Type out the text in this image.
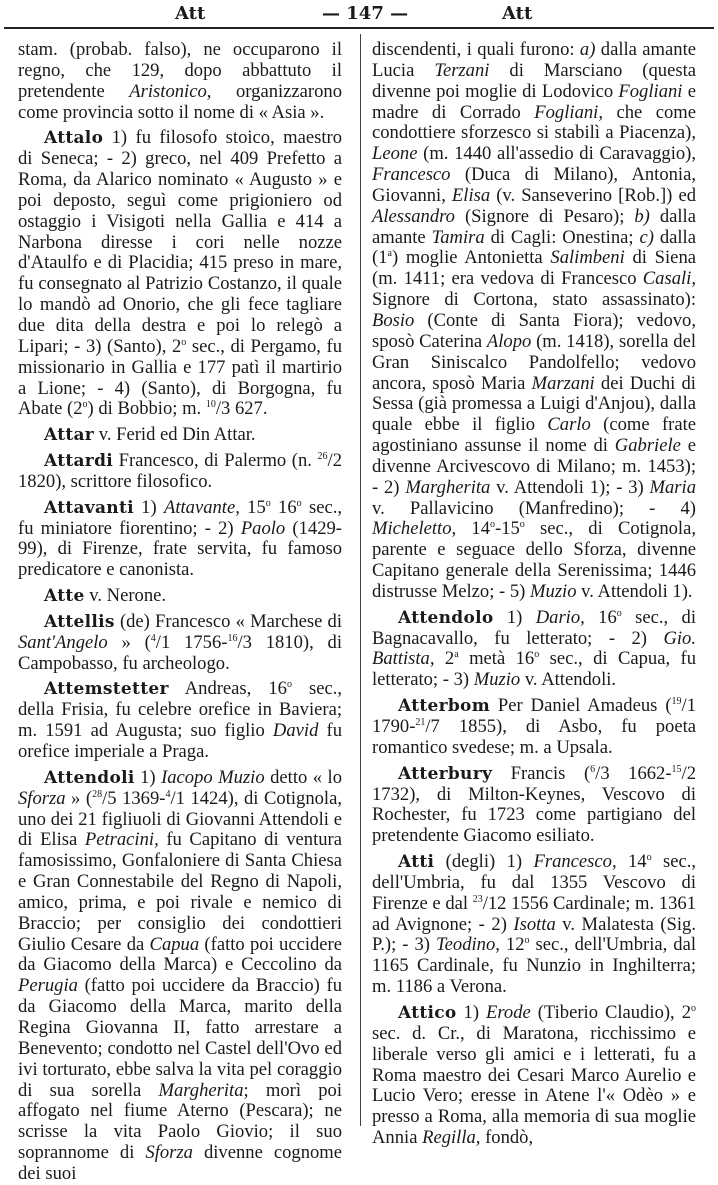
Att	— 147 —	Att

stam. (probab. falso), ne occuparono il regno, che 129, dopo abbattuto il pretendente Aristonico, organizzarono come provincia sotto il nome di « Asia ».

Attalo 1) fu filosofo stoico, maestro di Seneca; - 2) greco, nel 409 Prefetto a Roma, da Alarico nominato « Augusto » e poi deposto, seguì come prigioniero od ostaggio i Visigoti nella Gallia e 414 a Narbona diresse i cori nelle nozze d'Ataulfo e di Placidia; 415 preso in mare, fu consegnato al Patrizio Costanzo, il quale lo mandò ad Onorio, che gli fece tagliare due dita della destra e poi lo relegò a Lipari; - 3) (Santo), 2$^o$ sec., di Pergamo, fu missionario in Gallia e 177 patì il martirio a Lione; - 4) (Santo), di Borgogna, fu Abate (2$^o$) di Bobbio; m. $^{10}$/3 627.

Attar v. Ferid ed Din Attar.

Attardi Francesco, di Palermo (n. $^{26}$/2 1820), scrittore filosofico.

Attavanti 1) Attavante, 15$^o$ 16$^o$ sec., fu miniatore fiorentino; - 2) Paolo (1429-99), di Firenze, frate servita, fu famoso predicatore e canonista.

Atte v. Nerone.

Attellis (de) Francesco « Marchese di Sant'Angelo » ($^4$/1 1756-$^{16}$/3 1810), di Campobasso, fu archeologo.

Attemstetter Andreas, 16$^o$ sec., della Frisia, fu celebre orefice in Baviera; m. 1591 ad Augusta; suo figlio David fu orefice imperiale a Praga.

Attendoli 1) Iacopo Muzio detto « lo Sforza » ($^{28}$/5 1369-$^4$/1 1424), di Cotignola, uno dei 21 figliuoli di Giovanni Attendoli e di Elisa Petracini, fu Capitano di ventura famosissimo, Gonfaloniere di Santa Chiesa e Gran Connestabile del Regno di Napoli, amico, prima, e poi rivale e nemico di Braccio; per consiglio dei condottieri Giulio Cesare da Capua (fatto poi uccidere da Giacomo della Marca) e Ceccolino da Perugia (fatto poi uccidere da Braccio) fu da Giacomo della Marca, marito della Regina Giovanna II, fatto arrestare a Benevento; condotto nel Castel dell'Ovo ed ivi torturato, ebbe salva la vita pel coraggio di sua sorella Margherita; morì poi affogato nel fiume Aterno (Pescara); ne scrisse la vita Paolo Giovio; il suo soprannome di Sforza divenne cognome dei suoi

discendenti, i quali furono: a) dalla amante Lucia Terzani di Marsciano (questa divenne poi moglie di Lodovico Fogliani e madre di Corrado Fogliani, che come condottiere sforzesco si stabilì a Piacenza), Leone (m. 1440 all'assedio di Caravaggio), Francesco (Duca di Milano), Antonia, Giovanni, Elisa (v. Sanseverino [Rob.]) ed Alessandro (Signore di Pesaro); b) dalla amante Tamira di Cagli: Onestina; c) dalla (1$^a$) moglie Antonietta Salimbeni di Siena (m. 1411; era vedova di Francesco Casali, Signore di Cortona, stato assassinato): Bosio (Conte di Santa Fiora); vedovo, sposò Caterina Alopo (m. 1418), sorella del Gran Siniscalco Pandolfello; vedovo ancora, sposò Maria Marzani dei Duchi di Sessa (già promessa a Luigi d'Anjou), dalla quale ebbe il figlio Carlo (come frate agostiniano assunse il nome di Gabriele e divenne Arcivescovo di Milano; m. 1453); - 2) Margherita v. Attendoli 1); - 3) Maria v. Pallavicino (Manfredino); - 4) Micheletto, 14$^o$-15$^o$ sec., di Cotignola, parente e seguace dello Sforza, divenne Capitano generale della Serenissima; 1446 distrusse Melzo; - 5) Muzio v. Attendoli 1).

Attendolo 1) Dario, 16$^o$ sec., di Bagnacavallo, fu letterato; - 2) Gio. Battista, 2$^a$ metà 16$^o$ sec., di Capua, fu letterato; - 3) Muzio v. Attendoli.

Atterbom Per Daniel Amadeus ($^{19}$/1 1790-$^{21}$/7 1855), di Asbo, fu poeta romantico svedese; m. a Upsala.

Atterbury Francis ($^6$/3 1662-$^{15}$/2 1732), di Milton-Keynes, Vescovo di Rochester, fu 1723 come partigiano del pretendente Giacomo esiliato.

Atti (degli) 1) Francesco, 14$^o$ sec., dell'Umbria, fu dal 1355 Vescovo di Firenze e dal $^{23}$/12 1556 Cardinale; m. 1361 ad Avignone; - 2) Isotta v. Malatesta (Sig. P.); - 3) Teodino, 12$^o$ sec., dell'Umbria, dal 1165 Cardinale, fu Nunzio in Inghilterra; m. 1186 a Verona.

Attico 1) Erode (Tiberio Claudio), 2$^o$ sec. d. Cr., di Maratona, ricchissimo e liberale verso gli amici e i letterati, fu a Roma maestro dei Cesari Marco Aurelio e Lucio Vero; eresse in Atene l'« Odèo » e presso a Roma, alla memoria di sua moglie Annia Regilla, fondò,
